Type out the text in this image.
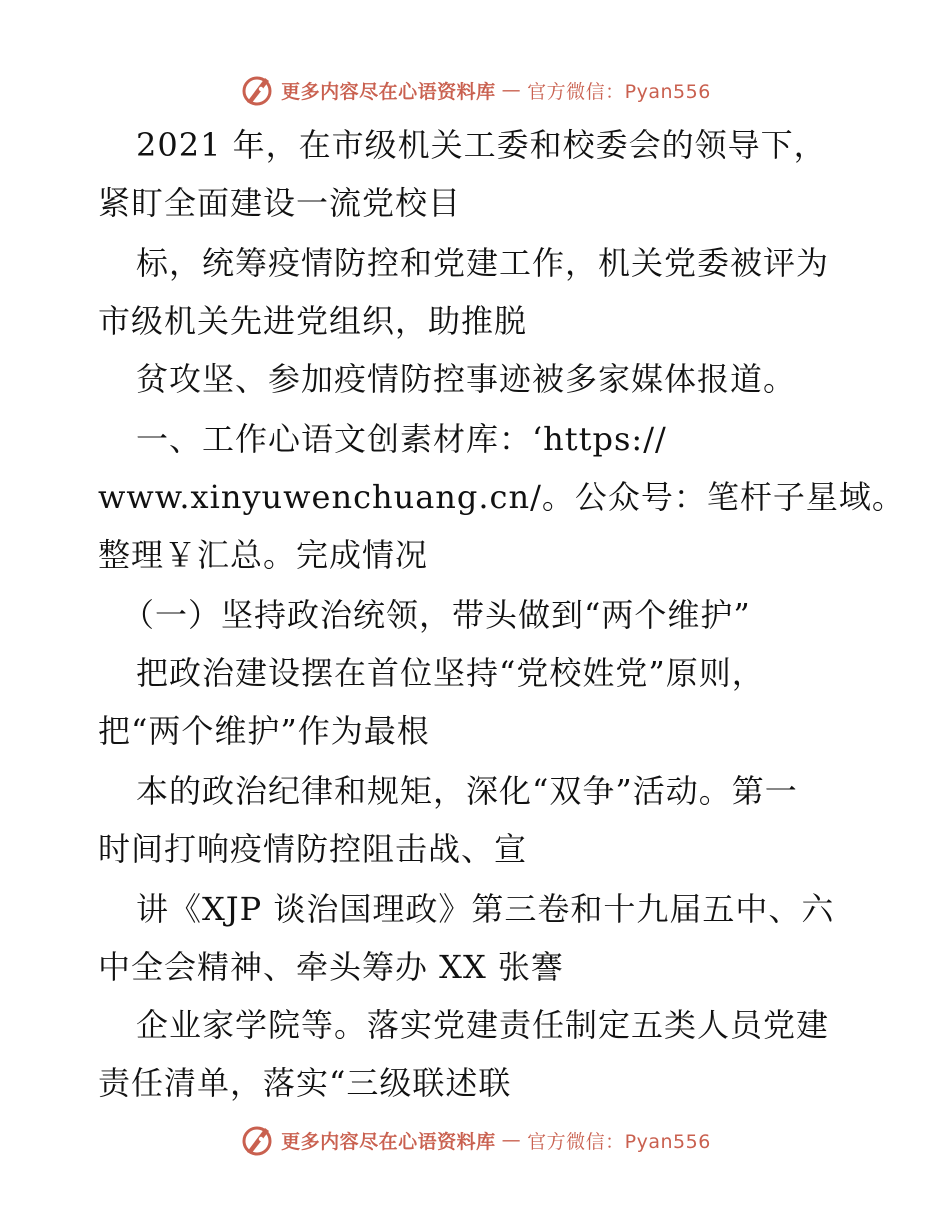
更多内容尽在心语资料库 — 官方微信：Pyan556
2021 年，在市级机关工委和校委会的领导下，
紧盯全面建设一流党校目
标，统筹疫情防控和党建工作，机关党委被评为
市级机关先进党组织，助推脱
贫攻坚、参加疫情防控事迹被多家媒体报道。
一、工作心语文创素材库：‘https://
www.xinyuwenchuang.cn/。公众号：笔杆子星域。
整理￥汇总。完成情况
（一）坚持政治统领，带头做到“两个维护”
把政治建设摆在首位坚持“党校姓党”原则，
把“两个维护”作为最根
本的政治纪律和规矩，深化“双争”活动。第一
时间打响疫情防控阻击战、宣
讲《XJP 谈治国理政》第三卷和十九届五中、六
中全会精神、牵头筹办 XX 张謇
企业家学院等。落实党建责任制定五类人员党建
责任清单，落实“三级联述联
更多内容尽在心语资料库 — 官方微信：Pyan556
